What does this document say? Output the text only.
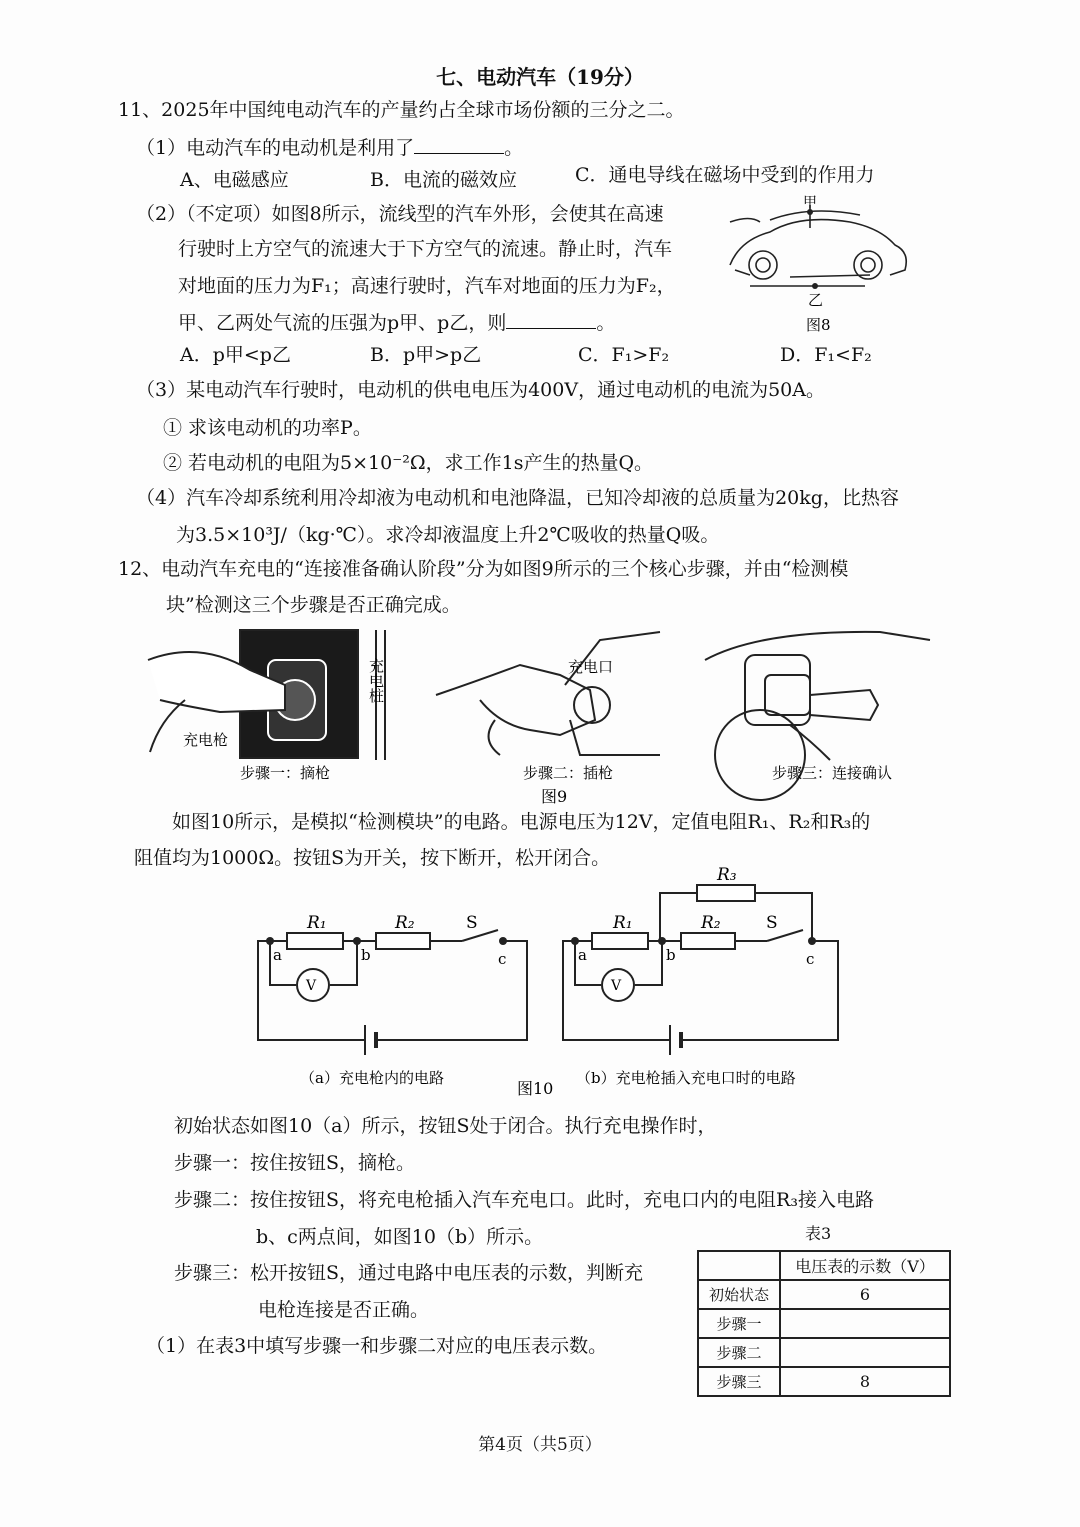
七、电动汽车（19分）
11、2025年中国纯电动汽车的产量约占全球市场份额的三分之二。
（1）电动汽车的电动机是利用了	。
A、电磁感应	B．电流的磁效应	C．通电导线在磁场中受到的作用力
（2）（不定项）如图8所示，流线型的汽车外形，会使其在高速
行驶时上方空气的流速大于下方空气的流速。静止时，汽车
对地面的压力为F₁；高速行驶时，汽车对地面的压力为F₂，
甲、乙两处气流的压强为p甲、p乙，则	。
A．p甲<p乙	B．p甲>p乙	C．F₁>F₂	D．F₁<F₂
甲
乙
图8
S
充电枪
充电桩	充电口
步骤一：摘枪	步骤二：插枪	步骤三：连接确认
图9
V
R₁	R₂	S
a	b	c
V
R₁	R₂
R₃
S
a	b	c
（a）充电枪内的电路
图10
（b）充电枪插入充电口时的电路
（3）某电动汽车行驶时，电动机的供电电压为400V，通过电动机的电流为50A。
① 求该电动机的功率P。
② 若电动机的电阻为5×10⁻²Ω，求工作1s产生的热量Q。
（4）汽车冷却系统利用冷却液为电动机和电池降温，已知冷却液的总质量为20kg，比热容
为3.5×10³J/（kg·℃）。求冷却液温度上升2℃吸收的热量Q吸。
12、电动汽车充电的“连接准备确认阶段”分为如图9所示的三个核心步骤，并由“检测模
块”检测这三个步骤是否正确完成。
如图10所示，是模拟“检测模块”的电路。电源电压为12V，定值电阻R₁、R₂和R₃的
阻值均为1000Ω。按钮S为开关，按下断开，松开闭合。
初始状态如图10（a）所示，按钮S处于闭合。执行充电操作时，
步骤一：按住按钮S，摘枪。
步骤二：按住按钮S，将充电枪插入汽车充电口。此时，充电口内的电阻R₃接入电路
b、c两点间，如图10（b）所示。
步骤三：松开按钮S，通过电路中电压表的示数，判断充
电枪连接是否正确。
（1）在表3中填写步骤一和步骤二对应的电压表示数。
表3
	电压表的示数（V）
初始状态	6
步骤一	
步骤二	
步骤三	8
第4页（共5页）
